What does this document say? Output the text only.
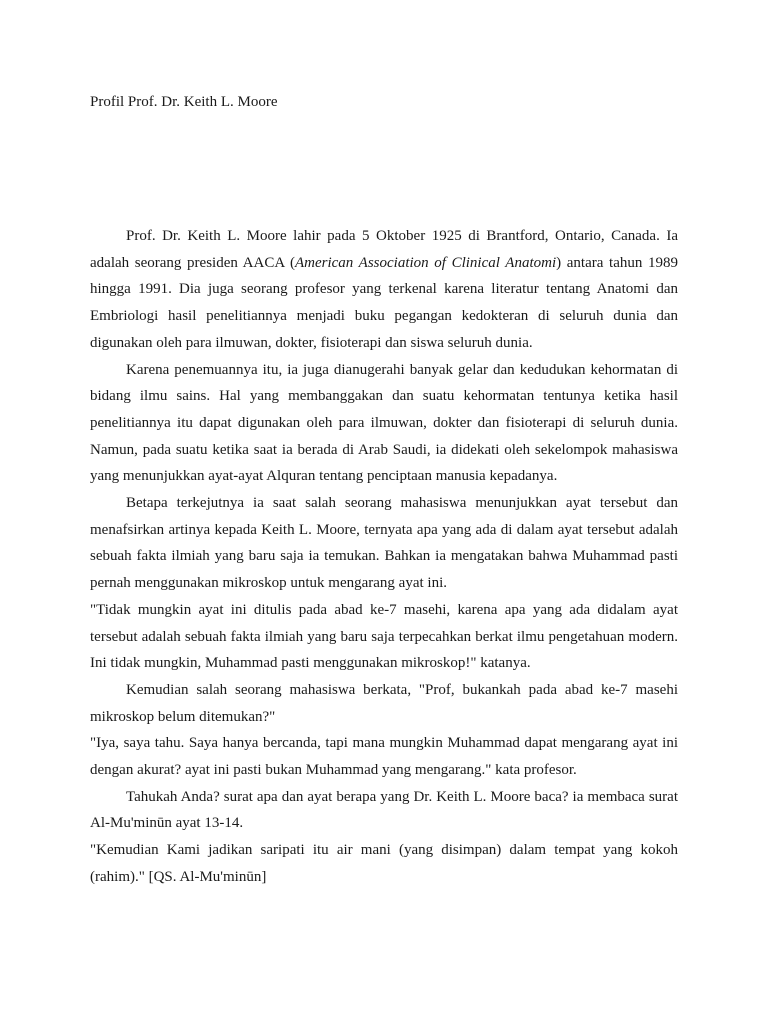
Profil Prof. Dr. Keith L. Moore

Prof. Dr. Keith L. Moore lahir pada 5 Oktober 1925 di Brantford, Ontario, Canada. Ia adalah seorang presiden AACA (American Association of Clinical Anatomi) antara tahun 1989 hingga 1991. Dia juga seorang profesor yang terkenal karena literatur tentang Anatomi dan Embriologi hasil penelitiannya menjadi buku pegangan kedokteran di seluruh dunia dan digunakan oleh para ilmuwan, dokter, fisioterapi dan siswa seluruh dunia.

Karena penemuannya itu, ia juga dianugerahi banyak gelar dan kedudukan kehormatan di bidang ilmu sains. Hal yang membanggakan dan suatu kehormatan tentunya ketika hasil penelitiannya itu dapat digunakan oleh para ilmuwan, dokter dan fisioterapi di seluruh dunia. Namun, pada suatu ketika saat ia berada di Arab Saudi, ia didekati oleh sekelompok mahasiswa yang menunjukkan ayat-ayat Alquran tentang penciptaan manusia kepadanya.

Betapa terkejutnya ia saat salah seorang mahasiswa menunjukkan ayat tersebut dan menafsirkan artinya kepada Keith L. Moore, ternyata apa yang ada di dalam ayat tersebut adalah sebuah fakta ilmiah yang baru saja ia temukan. Bahkan ia mengatakan bahwa Muhammad pasti pernah menggunakan mikroskop untuk mengarang ayat ini.

"Tidak mungkin ayat ini ditulis pada abad ke-7 masehi, karena apa yang ada didalam ayat tersebut adalah sebuah fakta ilmiah yang baru saja terpecahkan berkat ilmu pengetahuan modern. Ini tidak mungkin, Muhammad pasti menggunakan mikroskop!" katanya.

Kemudian salah seorang mahasiswa berkata, "Prof, bukankah pada abad ke-7 masehi mikroskop belum ditemukan?"

"Iya, saya tahu. Saya hanya bercanda, tapi mana mungkin Muhammad dapat mengarang ayat ini dengan akurat? ayat ini pasti bukan Muhammad yang mengarang." kata profesor.

Tahukah Anda? surat apa dan ayat berapa yang Dr. Keith L. Moore baca? ia membaca surat Al-Mu'minūn ayat 13-14.

"Kemudian Kami jadikan saripati itu air mani (yang disimpan) dalam tempat yang kokoh (rahim)." [QS. Al-Mu'minūn]
